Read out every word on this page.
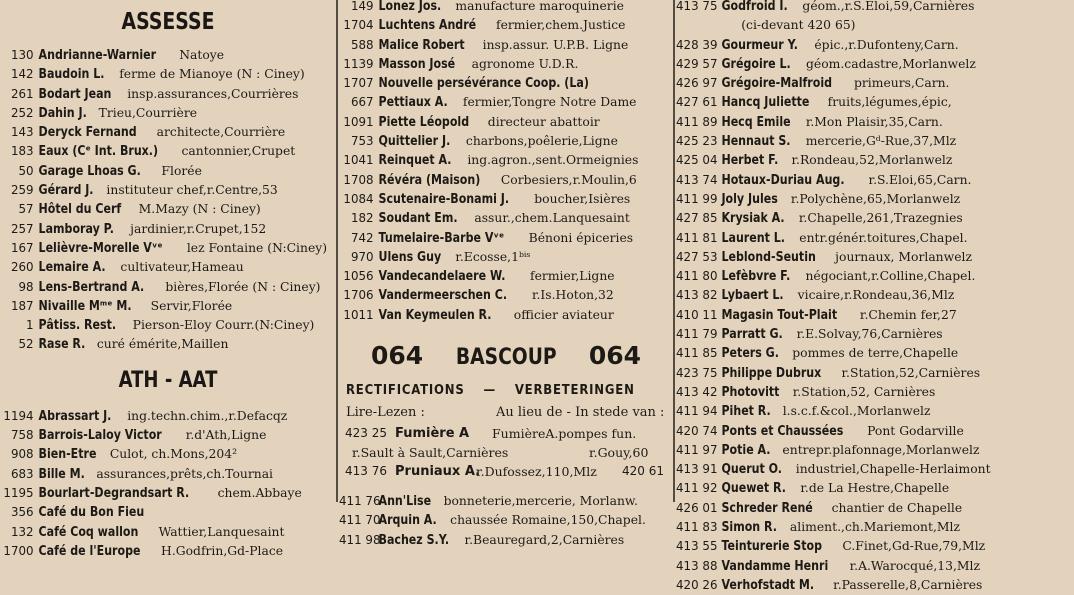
ASSESSE
130 Andrianne-Warnier Natoye
142 Baudoin L. ferme de Mianoye (N : Ciney)
261 Bodart Jean insp.assurances,Courrières
252 Dahin J. Trieu,Courrière
143 Deryck Fernand architecte,Courrière
183 Eaux (Cᵉ Int. Brux.) cantonnier,Crupet
50 Garage Lhoas G. Florée
259 Gérard J. instituteur chef,r.Centre,53
57 Hôtel du Cerf M.Mazy (N : Ciney)
257 Lamboray P. jardinier,r.Crupet,152
167 Lelièvre-Morelle Vᵛᵉ lez Fontaine (N:Ciney)
260 Lemaire A. cultivateur,Hameau
98 Lens-Bertrand A. bières,Florée (N : Ciney)
187 Nivaille Mᵐᵉ M. Servir,Florée
1 Pâtiss. Rest. Pierson-Eloy Courr.(N:Ciney)
52 Rase R. curé émérite,Maillen
ATH - AAT
1194 Abrassart J. ing.techn.chim.,r.Defacqz
758 Barrois-Laloy Victor r.d'Ath,Ligne
908 Bien-Etre Culot, ch.Mons,204²
683 Bille M. assurances,prêts,ch.Tournai
1195 Bourlart-Degrandsart R. chem.Abbaye
356 Café du Bon Fieu
132 Café Coq wallon Wattier,Lanquesaint
1700 Café de l'Europe H.Godfrin,Gd-Place
149 Lonez Jos. manufacture maroquinerie
1704 Luchtens André fermier,chem.Justice
588 Malice Robert insp.assur. U.P.B. Ligne
1139 Masson José agronome U.D.R.
1707 Nouvelle persévérance Coop. (La)
667 Pettiaux A. fermier,Tongre Notre Dame
1091 Piette Léopold directeur abattoir
753 Quittelier J. charbons,poêlerie,Ligne
1041 Reinquet A. ing.agron.,sent.Ormeignies
1708 Révéra (Maison) Corbesiers,r.Moulin,6
1084 Scutenaire-Bonami J. boucher,Isières
182 Soudant Em. assur.,chem.Lanquesaint
742 Tumelaire-Barbe Vᵛᵉ Bénoni épiceries
970 Ulens Guy r.Ecosse,1ᵇⁱˢ
1056 Vandecandelaere W. fermier,Ligne
1706 Vandermeerschen C. r.Is.Hoton,32
1011 Van Keymeulen R. officier aviateur
064 BASCOUP 064
RECTIFICATIONS — VERBETERINGEN
Lire-Lezen :	Au lieu de - In stede van :
423 25 Fumière A FumièreA.pompes fun.
r.Sault à Sault,Carnières	r.Gouy,60
413 76 Pruniaux A.
r.Dufossez,110,Mlz 420 61
411 76Ann'Lise bonneterie,mercerie, Morlanw.
411 70Arquin A. chaussée Romaine,150,Chapel.
411 98Bachez S.Y. r.Beauregard,2,Carnières
413 75 Godfroid I. géom.,r.S.Eloi,59,Carnières
(ci-devant 420 65)
428 39 Gourmeur Y. épic.,r.Dufonteny,Carn.
429 57 Grégoire L. géom.cadastre,Morlanwelz
426 97 Grégoire-Malfroid primeurs,Carn.
427 61 Hancq Juliette fruits,légumes,épic,
411 89 Hecq Emile r.Mon Plaisir,35,Carn.
425 23 Hennaut S. mercerie,Gᵈ-Rue,37,Mlz
425 04 Herbet F. r.Rondeau,52,Morlanwelz
413 74 Hotaux-Duriau Aug. r.S.Eloi,65,Carn.
411 99 Joly Jules r.Polychène,65,Morlanwelz
427 85 Krysiak A. r.Chapelle,261,Trazegnies
411 81 Laurent L. entr.génér.toitures,Chapel.
427 53 Leblond-Seutin journaux, Morlanwelz
411 80 Lefèbvre F. négociant,r.Colline,Chapel.
413 82 Lybaert L. vicaire,r.Rondeau,36,Mlz
410 11 Magasin Tout-Plait r.Chemin fer,27
411 79 Parratt G. r.E.Solvay,76,Carnières
411 85 Peters G. pommes de terre,Chapelle
423 75 Philippe Dubrux r.Station,52,Carnières
413 42 Photovitt r.Station,52, Carnières
411 94 Pihet R. l.s.c.f.&col.,Morlanwelz
420 74 Ponts et Chaussées Pont Godarville
411 97 Potie A. entrepr.plafonnage,Morlanwelz
413 91 Querut O. industriel,Chapelle-Herlaimont
411 92 Quewet R. r.de La Hestre,Chapelle
426 01 Schreder René chantier de Chapelle
411 83 Simon R. aliment.,ch.Mariemont,Mlz
413 55 Teinturerie Stop C.Finet,Gd-Rue,79,Mlz
413 88 Vandamme Henri r.A.Warocqué,13,Mlz
420 26 Verhofstadt M. r.Passerelle,8,Carnières
